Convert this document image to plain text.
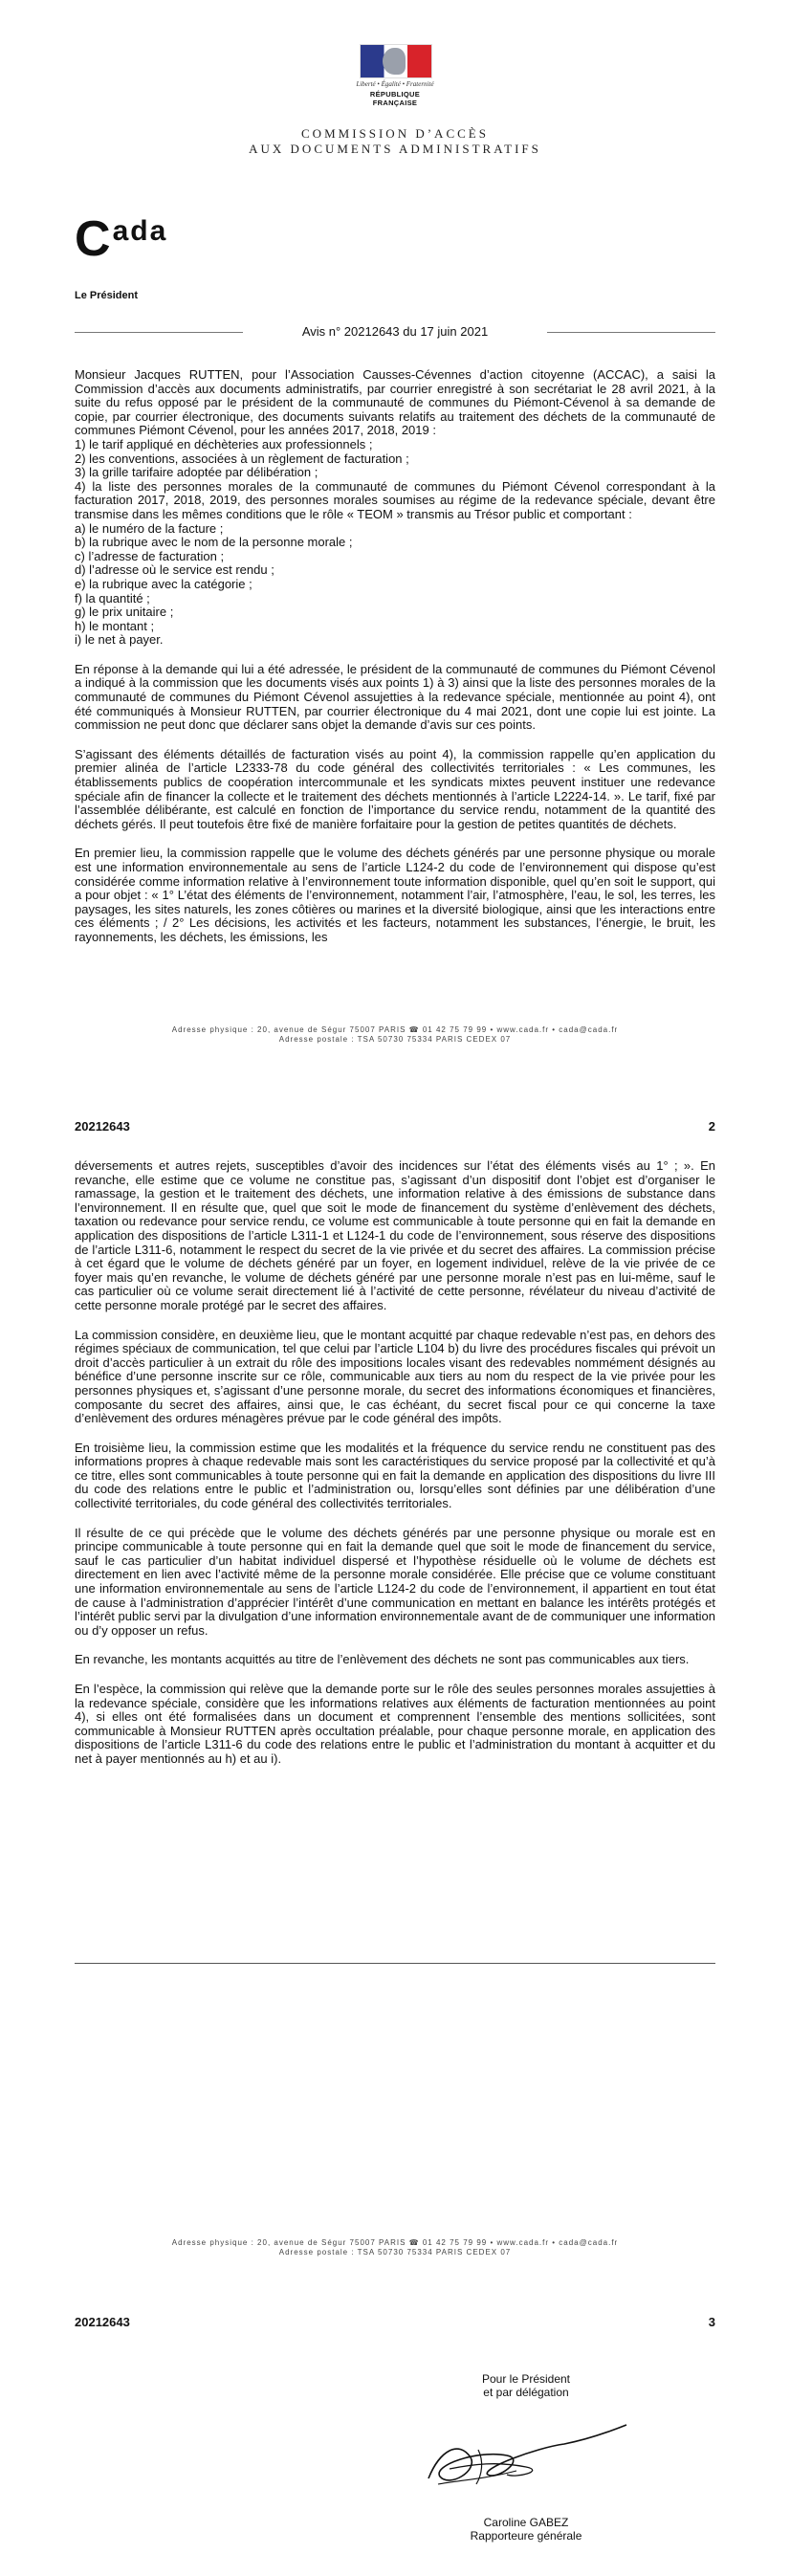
Liberté • Égalité • Fraternité
RÉPUBLIQUE FRANÇAISE
COMMISSION D’ACCÈS
AUX DOCUMENTS ADMINISTRATIFS
Cada
Le Président
Avis n° 20212643 du 17 juin 2021
Monsieur Jacques RUTTEN, pour l’Association Causses-Cévennes d’action citoyenne (ACCAC), a saisi la Commission d’accès aux documents administratifs, par courrier enregistré à son secrétariat le 28 avril 2021, à la suite du refus opposé par le président de la communauté de communes du Piémont-Cévenol à sa demande de copie, par courrier électronique, des documents suivants relatifs au traitement des déchets de la communauté de communes Piémont Cévenol, pour les années 2017, 2018, 2019 :
1) le tarif appliqué en déchèteries aux professionnels ;
2) les conventions, associées à un règlement de facturation ;
3) la grille tarifaire adoptée par délibération ;
4) la liste des personnes morales de la communauté de communes du Piémont Cévenol correspondant à la facturation 2017, 2018, 2019, des personnes morales soumises au régime de la redevance spéciale, devant être transmise dans les mêmes conditions que le rôle « TEOM » transmis au Trésor public et comportant :
a) le numéro de la facture ;
b) la rubrique avec le nom de la personne morale ;
c) l’adresse de facturation ;
d) l’adresse où le service est rendu ;
e) la rubrique avec la catégorie ;
f) la quantité ;
g) le prix unitaire ;
h) le montant ;
i) le net à payer.

En réponse à la demande qui lui a été adressée, le président de la communauté de communes du Piémont Cévenol a indiqué à la commission que les documents visés aux points 1) à 3) ainsi que la liste des personnes morales de la communauté de communes du Piémont Cévenol assujetties à la redevance spéciale, mentionnée au point 4), ont été communiqués à Monsieur RUTTEN, par courrier électronique du 4 mai 2021, dont une copie lui est jointe. La commission ne peut donc que déclarer sans objet la demande d’avis sur ces points.

S’agissant des éléments détaillés de facturation visés au point 4), la commission rappelle qu’en application du premier alinéa de l’article L2333-78 du code général des collectivités territoriales : « Les communes, les établissements publics de coopération intercommunale et les syndicats mixtes peuvent instituer une redevance spéciale afin de financer la collecte et le traitement des déchets mentionnés à l’article L2224-14. ». Le tarif, fixé par l’assemblée délibérante, est calculé en fonction de l’importance du service rendu, notamment de la quantité des déchets gérés. Il peut toutefois être fixé de manière forfaitaire pour la gestion de petites quantités de déchets.

En premier lieu, la commission rappelle que le volume des déchets générés par une personne physique ou morale est une information environnementale au sens de l’article L124-2 du code de l’environnement qui dispose qu’est considérée comme information relative à l’environnement toute information disponible, quel qu’en soit le support, qui a pour objet : « 1° L’état des éléments de l’environnement, notamment l’air, l’atmosphère, l’eau, le sol, les terres, les paysages, les sites naturels, les zones côtières ou marines et la diversité biologique, ainsi que les interactions entre ces éléments ; / 2° Les décisions, les activités et les facteurs, notamment les substances, l’énergie, le bruit, les rayonnements, les déchets, les émissions, les

Adresse physique : 20, avenue de Ségur 75007 PARIS ☎ 01 42 75 79 99 • www.cada.fr • cada@cada.fr
Adresse postale : TSA 50730 75334 PARIS CEDEX 07
20212643	2

déversements et autres rejets, susceptibles d’avoir des incidences sur l’état des éléments visés au 1° ; ». En revanche, elle estime que ce volume ne constitue pas, s’agissant d’un dispositif dont l’objet est d’organiser le ramassage, la gestion et le traitement des déchets, une information relative à des émissions de substance dans l’environnement. Il en résulte que, quel que soit le mode de financement du système d’enlèvement des déchets, taxation ou redevance pour service rendu, ce volume est communicable à toute personne qui en fait la demande en application des dispositions de l’article L311-1 et L124-1 du code de l’environnement, sous réserve des dispositions de l’article L311-6, notamment le respect du secret de la vie privée et du secret des affaires. La commission précise à cet égard que le volume de déchets généré par un foyer, en logement individuel, relève de la vie privée de ce foyer mais qu’en revanche, le volume de déchets généré par une personne morale n’est pas en lui-même, sauf le cas particulier où ce volume serait directement lié à l’activité de cette personne, révélateur du niveau d’activité de cette personne morale protégé par le secret des affaires.

La commission considère, en deuxième lieu, que le montant acquitté par chaque redevable n’est pas, en dehors des régimes spéciaux de communication, tel que celui par l’article L104 b) du livre des procédures fiscales qui prévoit un droit d’accès particulier à un extrait du rôle des impositions locales visant des redevables nommément désignés au bénéfice d’une personne inscrite sur ce rôle, communicable aux tiers au nom du respect de la vie privée pour les personnes physiques et, s’agissant d’une personne morale, du secret des informations économiques et financières, composante du secret des affaires, ainsi que, le cas échéant, du secret fiscal pour ce qui concerne la taxe d’enlèvement des ordures ménagères prévue par le code général des impôts.

En troisième lieu, la commission estime que les modalités et la fréquence du service rendu ne constituent pas des informations propres à chaque redevable mais sont les caractéristiques du service proposé par la collectivité et qu’à ce titre, elles sont communicables à toute personne qui en fait la demande en application des dispositions du livre III du code des relations entre le public et l’administration ou, lorsqu’elles sont définies par une délibération d’une collectivité territoriales, du code général des collectivités territoriales.

Il résulte de ce qui précède que le volume des déchets générés par une personne physique ou morale est en principe communicable à toute personne qui en fait la demande quel que soit le mode de financement du service, sauf le cas particulier d’un habitat individuel dispersé et l’hypothèse résiduelle où le volume de déchets est directement en lien avec l’activité même de la personne morale considérée. Elle précise que ce volume constituant une information environnementale au sens de l’article L124-2 du code de l’environnement, il appartient en tout état de cause à l’administration d’apprécier l’intérêt d’une communication en mettant en balance les intérêts protégés et l’intérêt public servi par la divulgation d’une information environnementale avant de de communiquer une information ou d’y opposer un refus.

En revanche, les montants acquittés au titre de l’enlèvement des déchets ne sont pas communicables aux tiers.

En l’espèce, la commission qui relève que la demande porte sur le rôle des seules personnes morales assujetties à la redevance spéciale, considère que les informations relatives aux éléments de facturation mentionnées au point 4), si elles ont été formalisées dans un document et comprennent l’ensemble des mentions sollicitées, sont communicable à Monsieur RUTTEN après occultation préalable, pour chaque personne morale, en application des dispositions de l’article L311-6 du code des relations entre le public et l’administration du montant à acquitter et du net à payer mentionnés au h) et au i).

Adresse physique : 20, avenue de Ségur 75007 PARIS ☎ 01 42 75 79 99 • www.cada.fr • cada@cada.fr
Adresse postale : TSA 50730 75334 PARIS CEDEX 07
20212643	3
Pour le Président
et par délégation
Caroline GABEZ
Rapporteure générale
